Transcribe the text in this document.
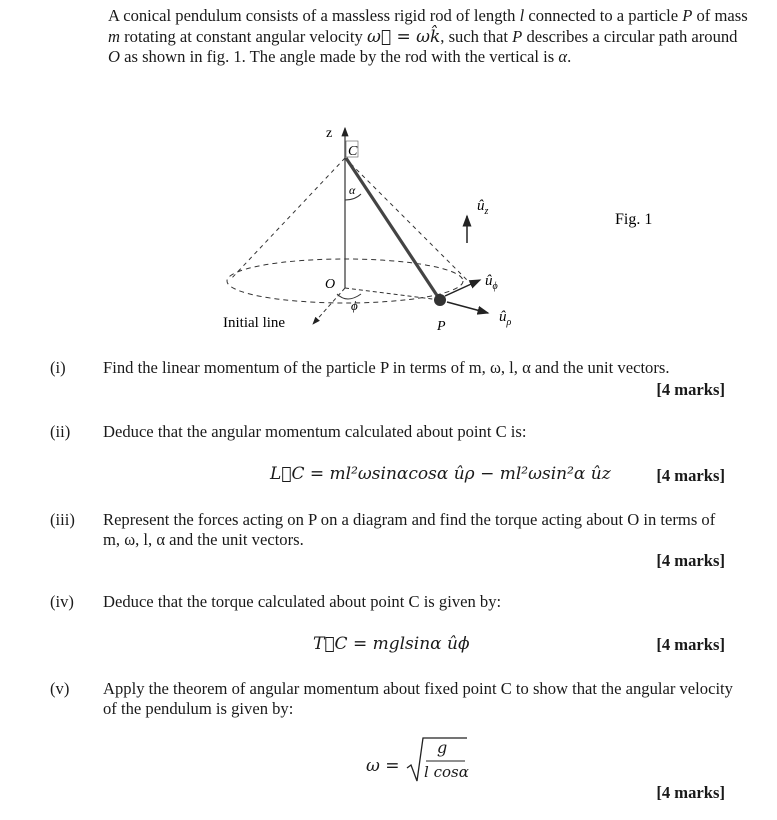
A conical pendulum consists of a massless rigid rod of length l connected to a particle P of mass m rotating at constant angular velocity ω⃗ = ωk̂, such that P describes a circular path around O as shown in fig. 1. The angle made by the rod with the vertical is α.
z
C
α
O
ϕ
P
Initial line
$û_z$
$û_\phi$
$û_\rho$
Fig. 1
(i) Find the linear momentum of the particle P in terms of m, ω, l, α and the unit vectors.
[4 marks]
(ii) Deduce that the angular momentum calculated about point C is:
L⃗C = ml²ωsinαcosα ûρ − ml²ωsin²α ûz	[4 marks]
(iii) Represent the forces acting on P on a diagram and find the torque acting about O in terms of m, ω, l, α and the unit vectors.
[4 marks]
(iv) Deduce that the torque calculated about point C is given by:
T⃗C = mglsinα ûϕ	[4 marks]
(v) Apply the theorem of angular momentum about fixed point C to show that the angular velocity of the pendulum is given by:
ω =
g
l cosα
[4 marks]
